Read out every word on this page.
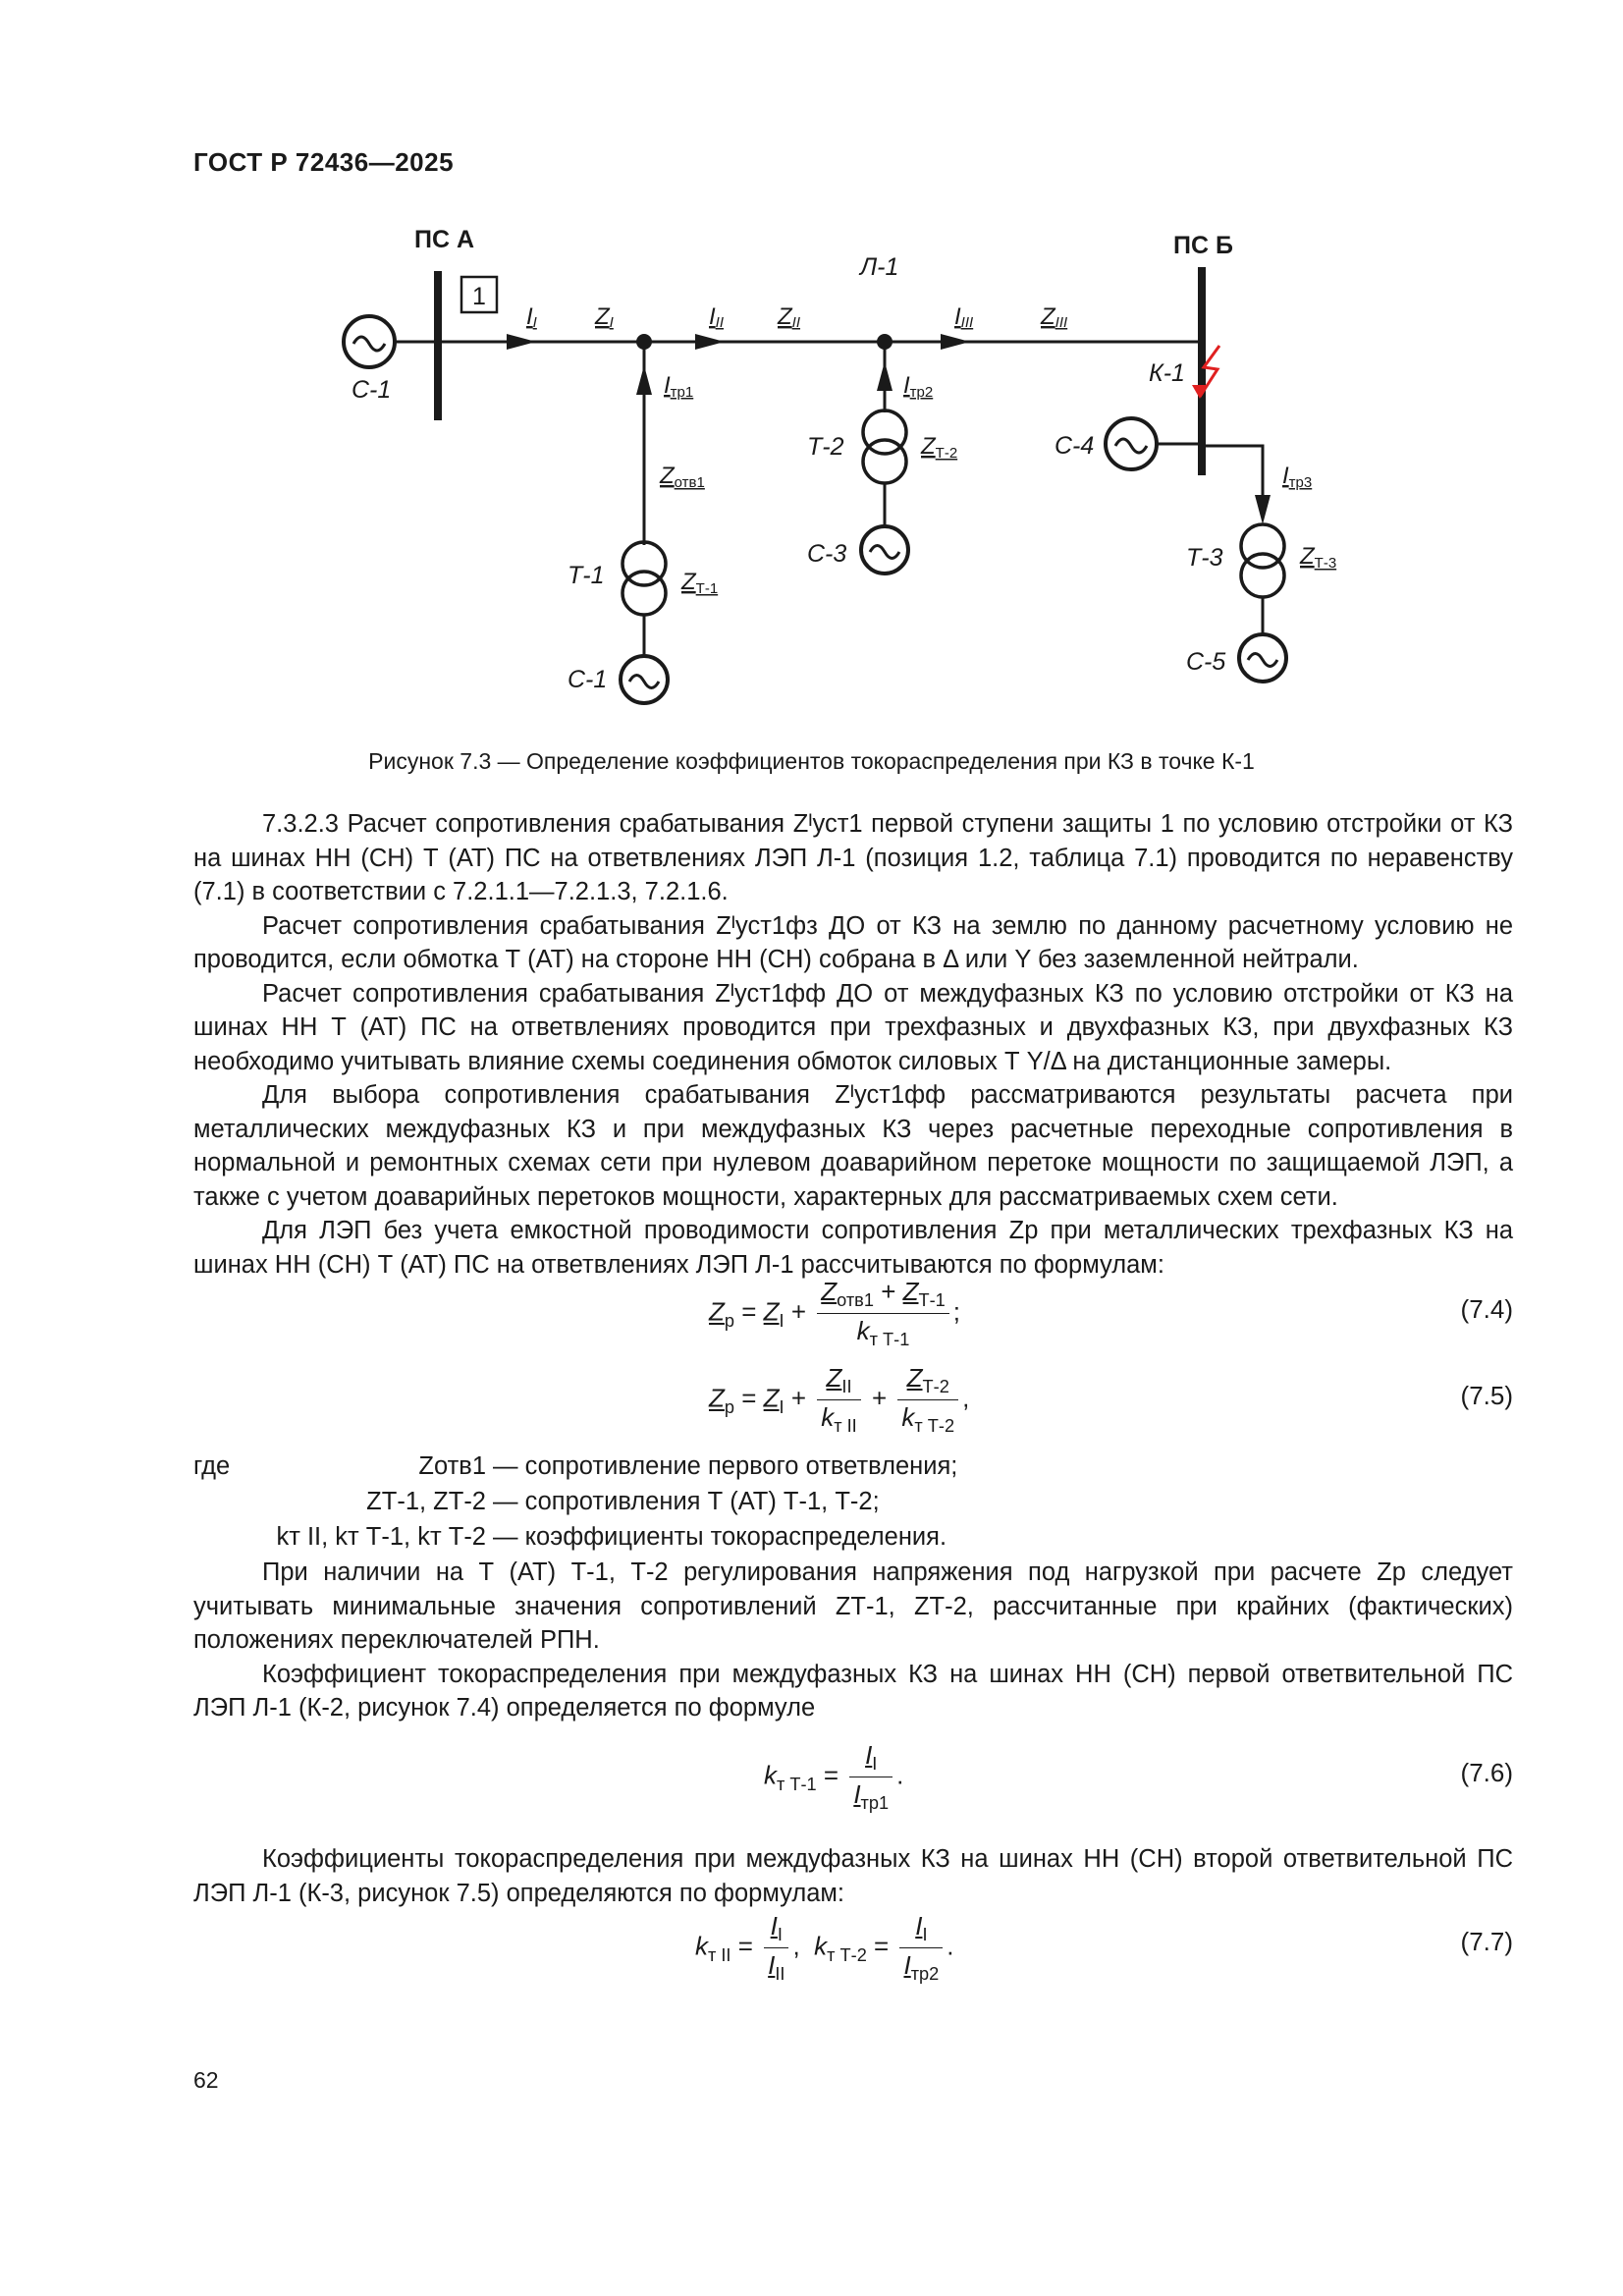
ГОСТ Р 72436—2025
ПС А	ПС Б
Л-1
С-1
1
II ZI	III ZII	IIII	ZIII
Iтр1
Zотв1
Т-1	ZТ-1
С-1
Iтр2
Т-2	ZТ-2
С-3
К-1
С-4
Iтр3
Т-3	ZТ-3
С-5
Рисунок 7.3 — Определение коэффициентов токораспределения при КЗ в точке К-1
7.3.2.3 Расчет сопротивления срабатывания Zᴵуст1 первой ступени защиты 1 по условию отстройки от КЗ на шинах НН (СН) Т (АТ) ПС на ответвлениях ЛЭП Л-1 (позиция 1.2, таблица 7.1) проводится по неравенству (7.1) в соответствии с 7.2.1.1—7.2.1.3, 7.2.1.6.
Расчет сопротивления срабатывания Zᴵуст1фз ДО от КЗ на землю по данному расчетному условию не проводится, если обмотка Т (АТ) на стороне НН (СН) собрана в Δ или Y без заземленной нейтрали.
Расчет сопротивления срабатывания Zᴵуст1фф ДО от междуфазных КЗ по условию отстройки от КЗ на шинах НН Т (АТ) ПС на ответвлениях проводится при трехфазных и двухфазных КЗ, при двухфазных КЗ необходимо учитывать влияние схемы соединения обмоток силовых Т Y/Δ на дистанционные замеры.
Для выбора сопротивления срабатывания Zᴵуст1фф рассматриваются результаты расчета при металлических междуфазных КЗ и при междуфазных КЗ через расчетные переходные сопротивления в нормальной и ремонтных схемах сети при нулевом доаварийном перетоке мощности по защищаемой ЛЭП, а также с учетом доаварийных перетоков мощности, характерных для рассматриваемых схем сети.
Для ЛЭП без учета емкостной проводимости сопротивления Zр при металлических трехфазных КЗ на шинах НН (СН) Т (АТ) ПС на ответвлениях ЛЭП Л-1 рассчитываются по формулам:
$Z_р = Z_I + \frac{Z_{отв1} + Z_{Т-1}}{k_{т Т-1}}$ ;	(7.4)
$Z_р = Z_I + \frac{Z_{II}}{k_{т II}} + \frac{Z_{Т-2}}{k_{т Т-2}}$ ,	(7.5)
где	Zотв1 — сопротивление первого ответвления;
ZТ-1, ZТ-2 — сопротивления Т (АТ) Т-1, Т-2;
kт II, kт Т-1, kт Т-2 — коэффициенты токораспределения.
При наличии на Т (АТ) Т-1, Т-2 регулирования напряжения под нагрузкой при расчете Zр следует учитывать минимальные значения сопротивлений ZТ-1, ZТ-2, рассчитанные при крайних (фактических) положениях переключателей РПН.
Коэффициент токораспределения при междуфазных КЗ на шинах НН (СН) первой ответвительной ПС ЛЭП Л-1 (К-2, рисунок 7.4) определяется по формуле
$k_{т Т-1} = \frac{I_I}{I_{тр1}}$ .	(7.6)
Коэффициенты токораспределения при междуфазных КЗ на шинах НН (СН) второй ответвительной ПС ЛЭП Л-1 (К-3, рисунок 7.5) определяются по формулам:
$k_{т II} = \frac{I_I}{I_{II}}$ ,  $k_{т Т-2} = \frac{I_I}{I_{тр2}}$ .	(7.7)
62
